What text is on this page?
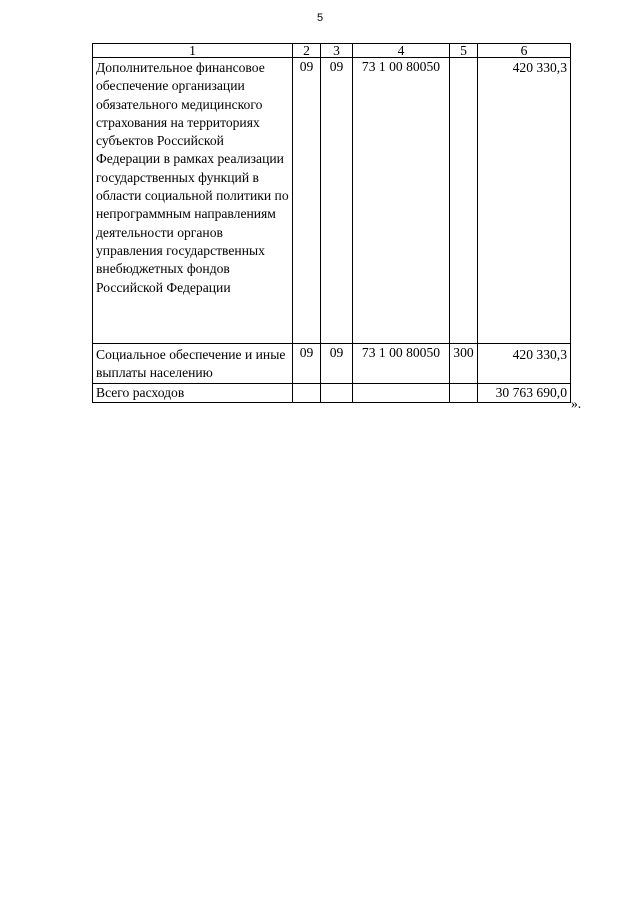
5
1	2	3	4	5	6
Дополнительное финансовое обеспечение организации обязательного медицинского страхования на территориях субъектов Российской Федерации в рамках реализации государственных функций в области социальной политики по непрограммным направлениям деятельности органов управления государственных внебюджетных фондов Российской Федерации	09	09	73 1 00 80050		420 330,3
Социальное обеспечение и иные выплаты населению	09	09	73 1 00 80050	300	420 330,3
Всего расходов					30 763 690,0
».
